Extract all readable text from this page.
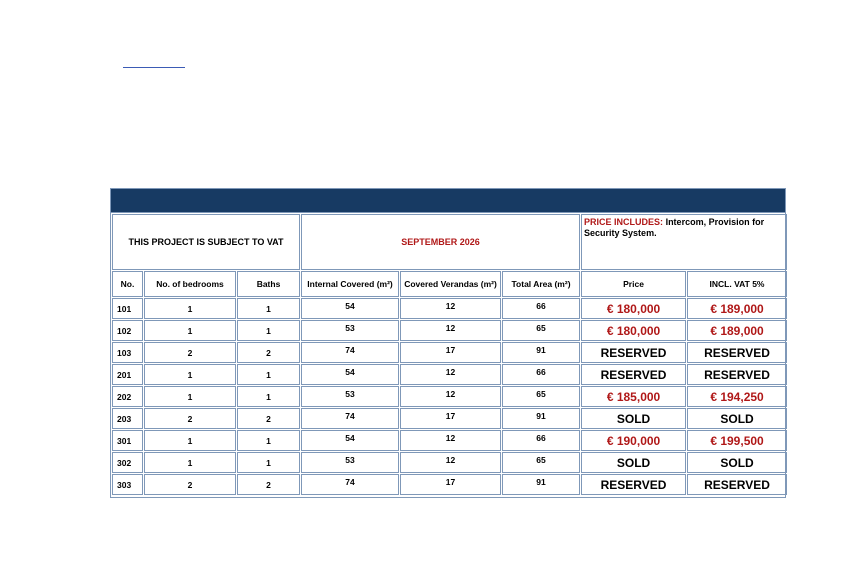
THIS PROJECT IS SUBJECT TO VAT			SEPTEMBER 2026			PRICE INCLUDES: Intercom, Provision for Security System.	
No.	No. of bedrooms	Baths	Internal Covered (m²)	Covered Verandas (m²)	Total Area (m²)	Price	INCL. VAT 5%
101	1	1	54	12	66	€ 180,000	€ 189,000
102	1	1	53	12	65	€ 180,000	€ 189,000
103	2	2	74	17	91	RESERVED	RESERVED
201	1	1	54	12	66	RESERVED	RESERVED
202	1	1	53	12	65	€ 185,000	€ 194,250
203	2	2	74	17	91	SOLD	SOLD
301	1	1	54	12	66	€ 190,000	€ 199,500
302	1	1	53	12	65	SOLD	SOLD
303	2	2	74	17	91	RESERVED	RESERVED
